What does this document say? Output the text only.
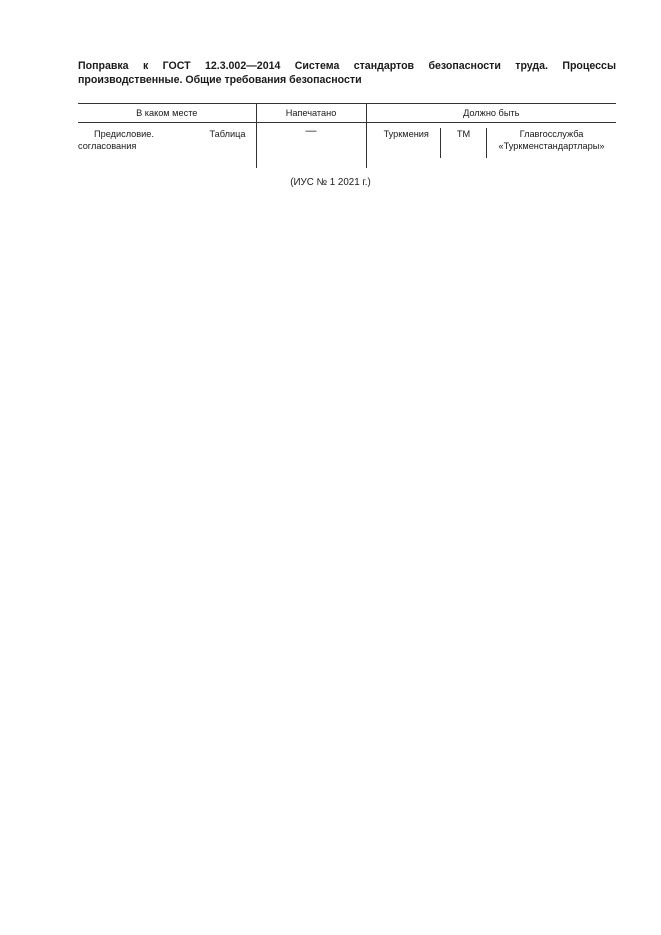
Поправка к ГОСТ 12.3.002—2014 Система стандартов безопасности труда. Процессы производственные. Общие требования безопасности
В каком месте	Напечатано	Должно быть
Предисловие. Таблица согласования	—		Туркмения	TM	Главгосслужба
«Туркменстандартлары»
(ИУС № 1 2021 г.)
